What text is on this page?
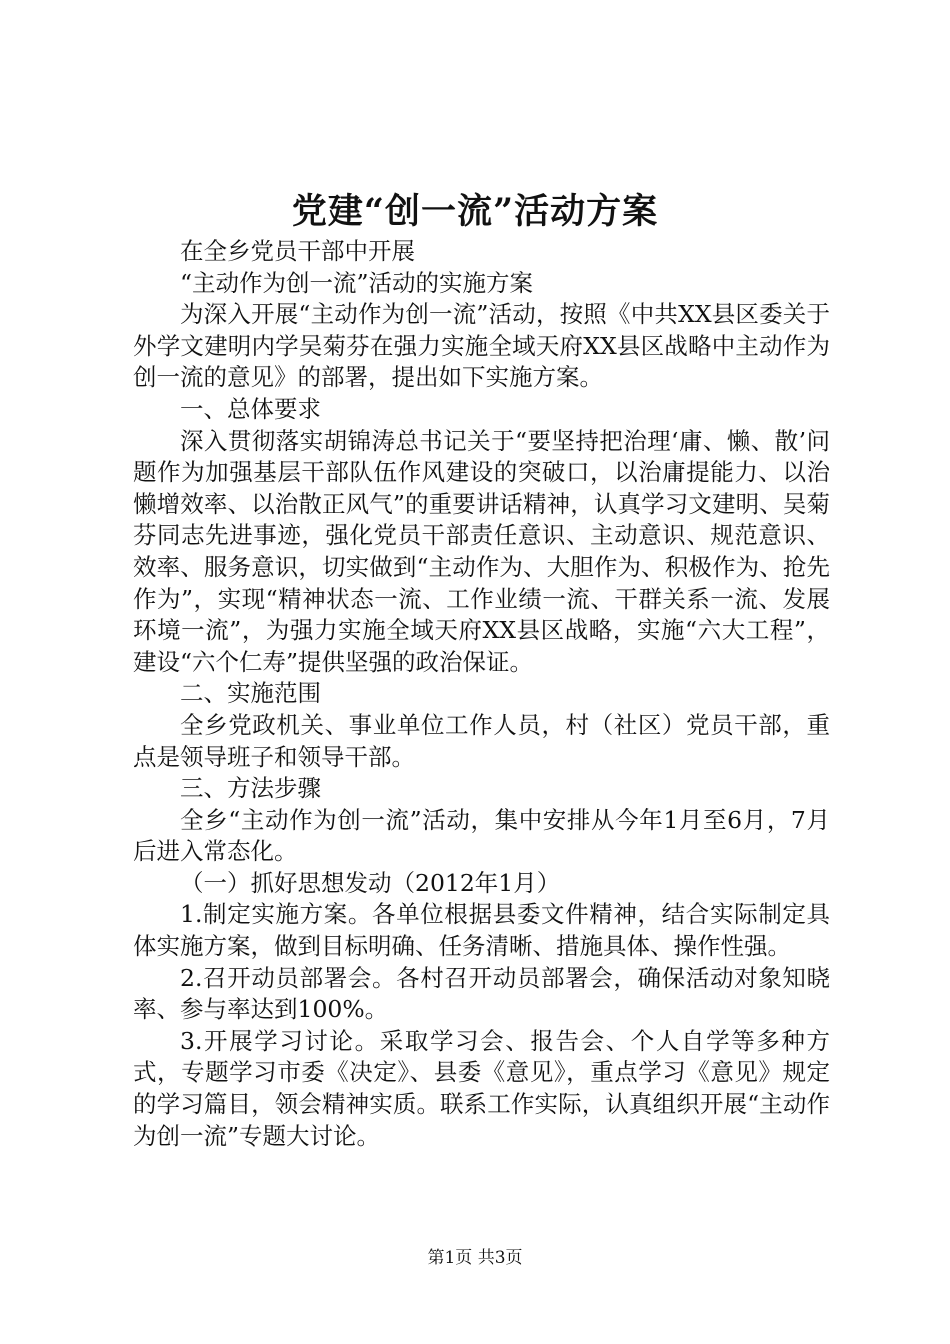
党建“创一流”活动方案

在全乡党员干部中开展

“主动作为创一流”活动的实施方案

为深入开展“主动作为创一流”活动，按照《中共XX县区委关于外学文建明内学吴菊芬在强力实施全域天府XX县区战略中主动作为创一流的意见》的部署，提出如下实施方案。

一、总体要求

深入贯彻落实胡锦涛总书记关于“要坚持把治理‘庸、懒、散’问题作为加强基层干部队伍作风建设的突破口，以治庸提能力、以治懒增效率、以治散正风气”的重要讲话精神，认真学习文建明、吴菊芬同志先进事迹，强化党员干部责任意识、主动意识、规范意识、效率、服务意识，切实做到“主动作为、大胆作为、积极作为、抢先作为”，实现“精神状态一流、工作业绩一流、干群关系一流、发展环境一流”，为强力实施全域天府XX县区战略，实施“六大工程”，建设“六个仁寿”提供坚强的政治保证。

二、实施范围

全乡党政机关、事业单位工作人员，村（社区）党员干部，重点是领导班子和领导干部。

三、方法步骤

全乡“主动作为创一流”活动，集中安排从今年1月至6月，7月后进入常态化。

（一）抓好思想发动（2012年1月）

1.制定实施方案。各单位根据县委文件精神，结合实际制定具体实施方案，做到目标明确、任务清晰、措施具体、操作性强。

2.召开动员部署会。各村召开动员部署会，确保活动对象知晓率、参与率达到100%。

3.开展学习讨论。采取学习会、报告会、个人自学等多种方式，专题学习市委《决定》、县委《意见》，重点学习《意见》规定的学习篇目，领会精神实质。联系工作实际，认真组织开展“主动作为创一流”专题大讨论。

第1页 共3页
